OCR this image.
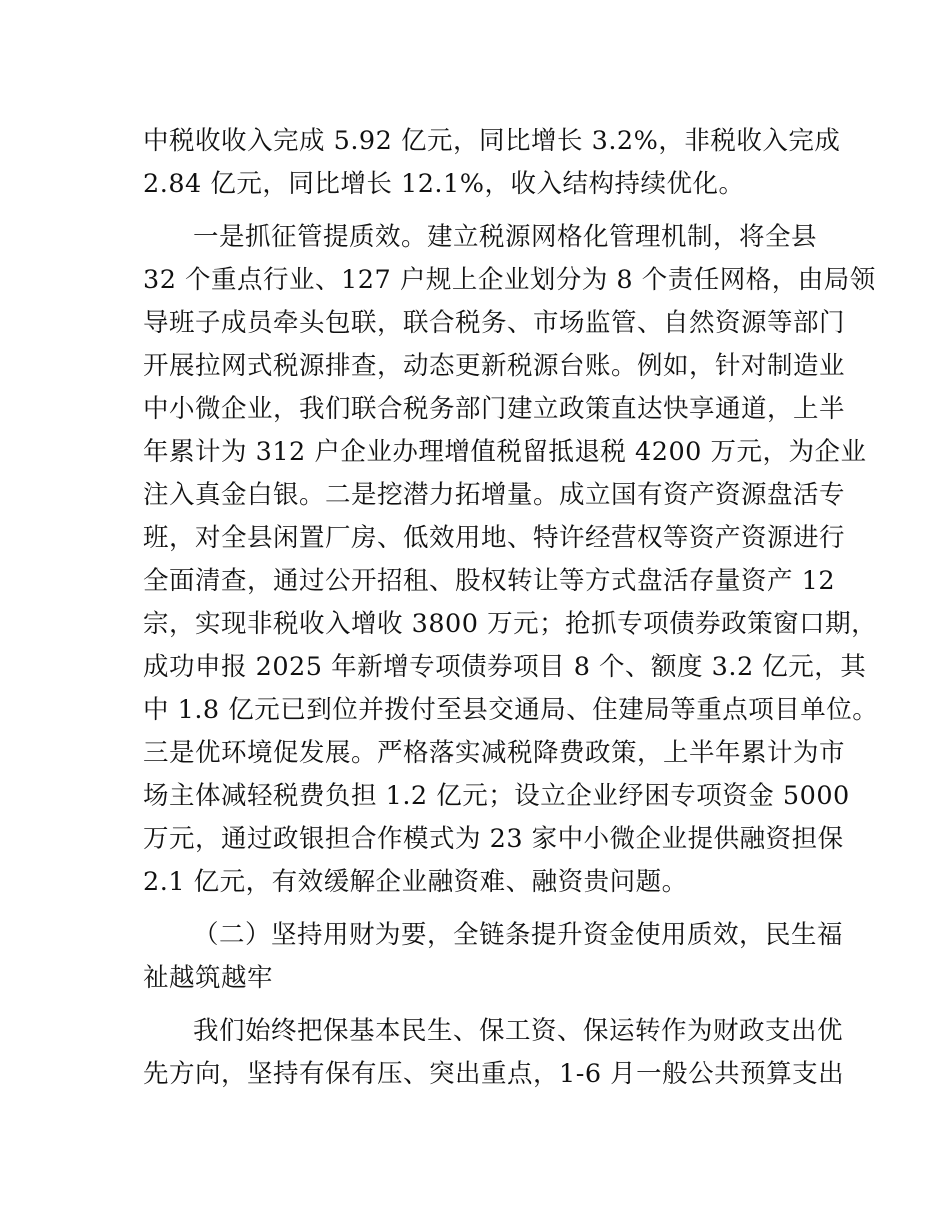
中税收收入完成 5.92 亿元，同比增长 3.2%，非税收入完成
2.84 亿元，同比增长 12.1%，收入结构持续优化。
一是抓征管提质效。建立税源网格化管理机制，将全县
32 个重点行业、127 户规上企业划分为 8 个责任网格，由局领
导班子成员牵头包联，联合税务、市场监管、自然资源等部门
开展拉网式税源排查，动态更新税源台账。例如，针对制造业
中小微企业，我们联合税务部门建立政策直达快享通道，上半
年累计为 312 户企业办理增值税留抵退税 4200 万元，为企业
注入真金白银。二是挖潜力拓增量。成立国有资产资源盘活专
班，对全县闲置厂房、低效用地、特许经营权等资产资源进行
全面清查，通过公开招租、股权转让等方式盘活存量资产 12
宗，实现非税收入增收 3800 万元；抢抓专项债券政策窗口期，
成功申报 2025 年新增专项债券项目 8 个、额度 3.2 亿元，其
中 1.8 亿元已到位并拨付至县交通局、住建局等重点项目单位。
三是优环境促发展。严格落实减税降费政策，上半年累计为市
场主体减轻税费负担 1.2 亿元；设立企业纾困专项资金 5000
万元，通过政银担合作模式为 23 家中小微企业提供融资担保
2.1 亿元，有效缓解企业融资难、融资贵问题。
（二）坚持用财为要，全链条提升资金使用质效，民生福
祉越筑越牢
我们始终把保基本民生、保工资、保运转作为财政支出优
先方向，坚持有保有压、突出重点，1-6 月一般公共预算支出
